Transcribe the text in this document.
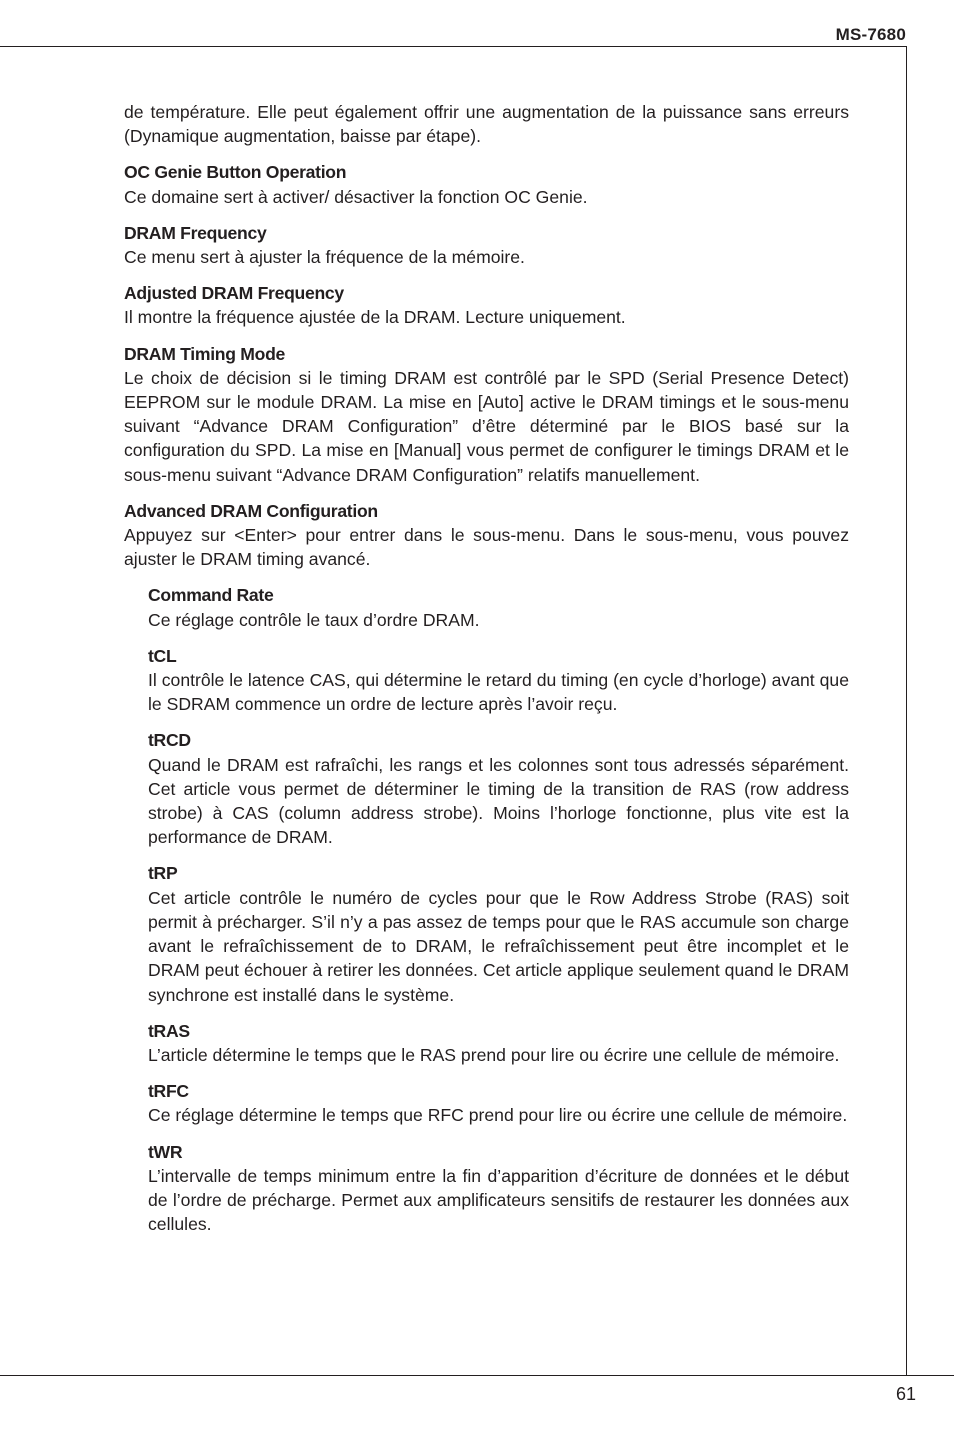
MS-7680

de température. Elle peut également offrir une augmentation de la puissance sans erreurs (Dynamique augmentation, baisse par étape).

OC Genie Button Operation

Ce domaine sert à activer/ désactiver la fonction OC Genie.

DRAM Frequency

Ce menu sert à ajuster la fréquence de la mémoire.

Adjusted DRAM Frequency

Il montre la fréquence ajustée de la DRAM. Lecture uniquement.

DRAM Timing Mode

Le choix de décision si le timing DRAM est contrôlé par le SPD (Serial Presence Detect) EEPROM sur le module DRAM. La mise en [Auto] active le DRAM timings et le sous-menu suivant “Advance DRAM Configuration” d’être déterminé par le BIOS basé sur la configuration du SPD. La mise en [Manual] vous permet de configurer le timings DRAM et le sous-menu suivant “Advance DRAM Configuration” relatifs manuellement.

Advanced DRAM Configuration

Appuyez sur <Enter> pour entrer dans le sous-menu. Dans le sous-menu, vous pouvez ajuster le DRAM timing avancé.

Command Rate

Ce réglage contrôle le taux d’ordre DRAM.

tCL

Il contrôle le latence CAS, qui détermine le retard du timing (en cycle d’horloge) avant que le SDRAM commence un ordre de lecture après l’avoir reçu.

tRCD

Quand le DRAM est rafraîchi, les rangs et les colonnes sont tous adressés séparément. Cet article vous permet de déterminer le timing de la transition de RAS (row address strobe) à CAS (column address strobe). Moins l’horloge fonctionne, plus vite est la performance de DRAM.

tRP

Cet article contrôle le numéro de cycles pour que le Row Address Strobe (RAS) soit permit à précharger. S’il n’y a pas assez de temps pour que le RAS accumule son charge avant le refraîchissement de to DRAM, le refraîchissement peut être incomplet et le DRAM peut échouer à retirer les données. Cet article applique seulement quand le DRAM synchrone est installé dans le système.

tRAS

L’article détermine le temps que le RAS prend pour lire ou écrire une cellule de mémoire.

tRFC

Ce réglage détermine le temps que RFC prend pour lire ou écrire une cellule de mémoire.

tWR

L’intervalle de temps minimum entre la fin d’apparition d’écriture de données et le début de l’ordre de précharge. Permet aux amplificateurs sensitifs de restaurer les données aux cellules.

61
